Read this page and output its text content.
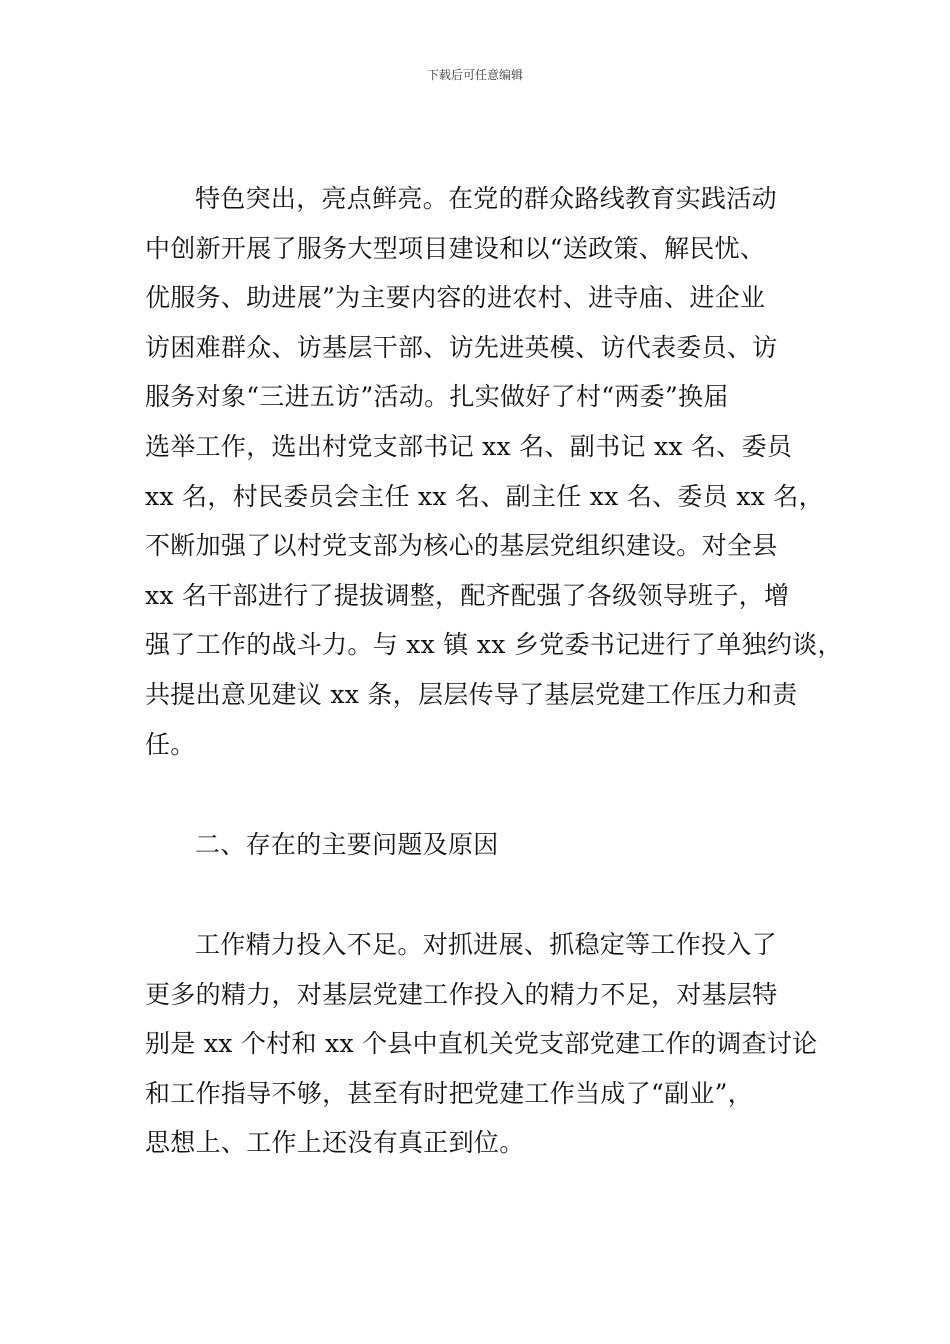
下载后可任意编辑
特色突出，亮点鲜亮。在党的群众路线教育实践活动
中创新开展了服务大型项目建设和以“送政策、解民忧、
优服务、助进展”为主要内容的进农村、进寺庙、进企业
访困难群众、访基层干部、访先进英模、访代表委员、访
服务对象“三进五访”活动。扎实做好了村“两委”换届
选举工作，选出村党支部书记 xx 名、副书记 xx 名、委员
xx 名，村民委员会主任 xx 名、副主任 xx 名、委员 xx 名，
不断加强了以村党支部为核心的基层党组织建设。对全县
xx 名干部进行了提拔调整，配齐配强了各级领导班子，增
强了工作的战斗力。与 xx 镇 xx 乡党委书记进行了单独约谈，
共提出意见建议 xx 条，层层传导了基层党建工作压力和责
任。
二、存在的主要问题及原因
工作精力投入不足。对抓进展、抓稳定等工作投入了
更多的精力，对基层党建工作投入的精力不足，对基层特
别是 xx 个村和 xx 个县中直机关党支部党建工作的调查讨论
和工作指导不够，甚至有时把党建工作当成了“副业”，
思想上、工作上还没有真正到位。
